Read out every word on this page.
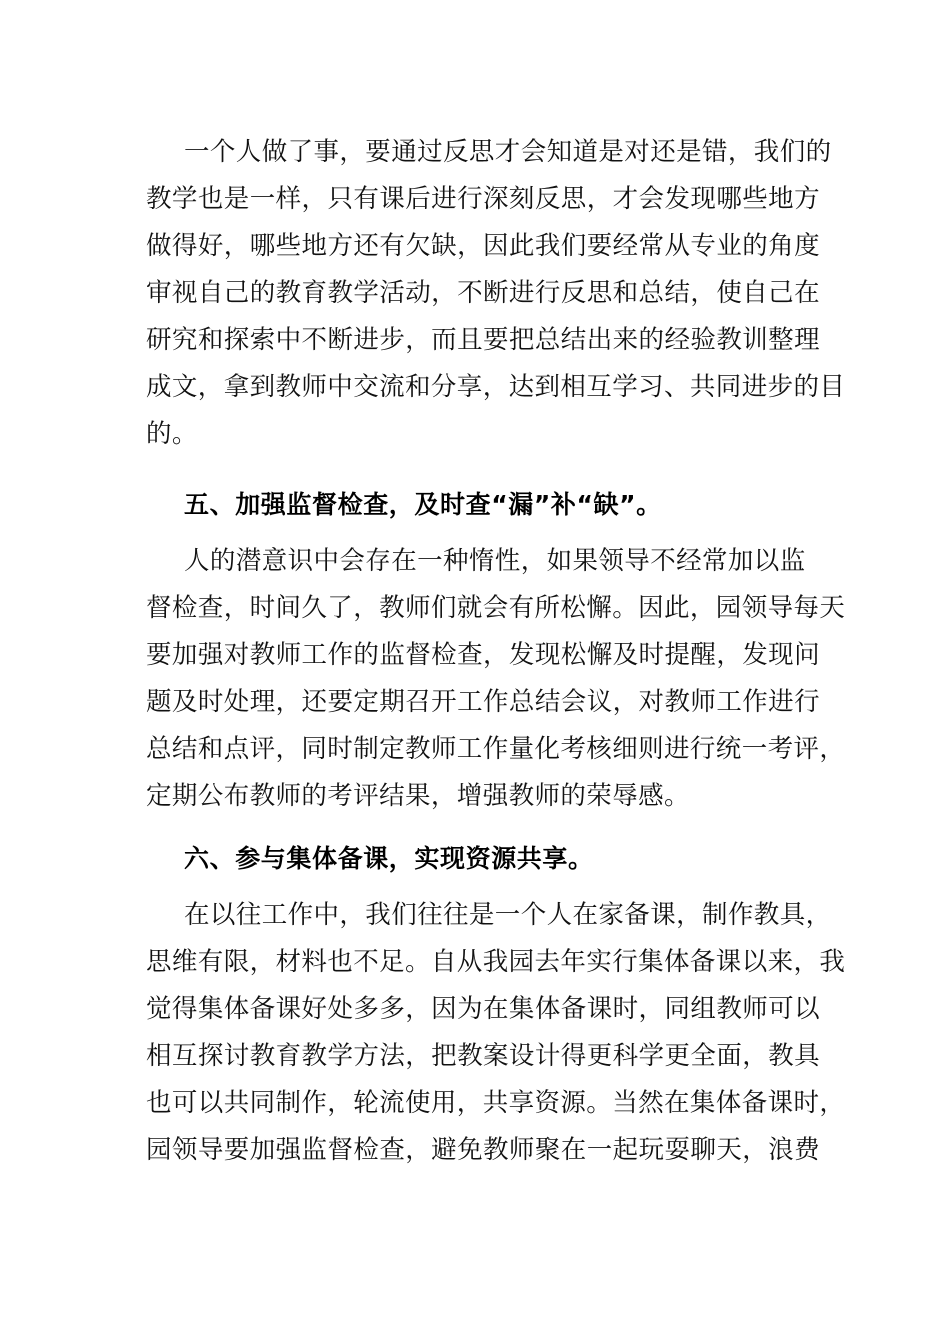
一个人做了事，要通过反思才会知道是对还是错，我们的
教学也是一样，只有课后进行深刻反思，才会发现哪些地方
做得好，哪些地方还有欠缺，因此我们要经常从专业的角度
审视自己的教育教学活动，不断进行反思和总结，使自己在
研究和探索中不断进步，而且要把总结出来的经验教训整理
成文，拿到教师中交流和分享，达到相互学习、共同进步的目
的。
五、加强监督检查，及时查“漏”补“缺”。
人的潜意识中会存在一种惰性，如果领导不经常加以监
督检查，时间久了，教师们就会有所松懈。因此，园领导每天
要加强对教师工作的监督检查，发现松懈及时提醒，发现问
题及时处理，还要定期召开工作总结会议，对教师工作进行
总结和点评，同时制定教师工作量化考核细则进行统一考评，
定期公布教师的考评结果，增强教师的荣辱感。
六、参与集体备课，实现资源共享。
在以往工作中，我们往往是一个人在家备课，制作教具，
思维有限，材料也不足。自从我园去年实行集体备课以来，我
觉得集体备课好处多多，因为在集体备课时，同组教师可以
相互探讨教育教学方法，把教案设计得更科学更全面，教具
也可以共同制作，轮流使用，共享资源。当然在集体备课时，
园领导要加强监督检查，避免教师聚在一起玩耍聊天，浪费
